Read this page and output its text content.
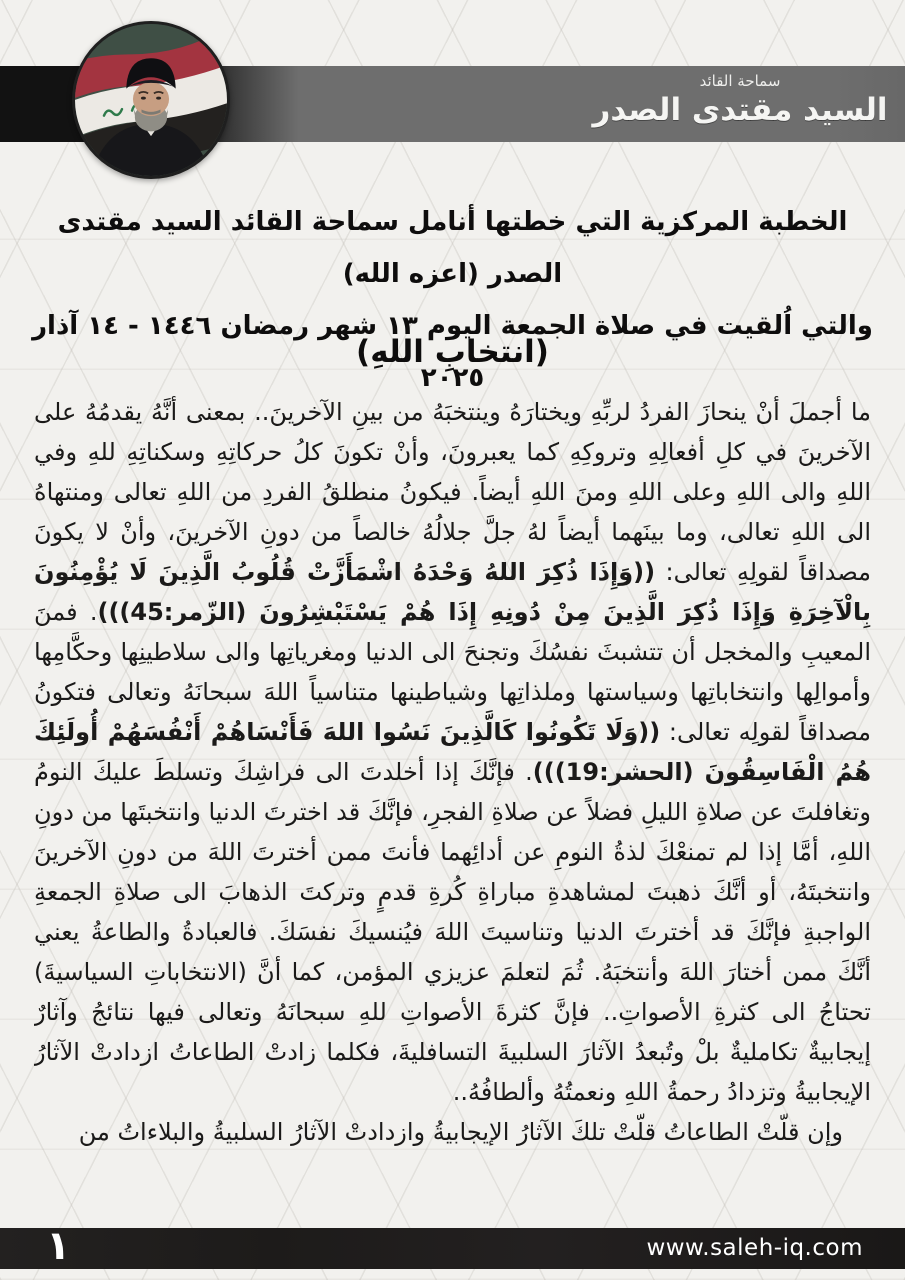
سماحة القائد
السيد مقتدى الصدر
الخطبة المركزية التي خطتها أنامل سماحة القائد السيد مقتدى الصدر (اعزه الله)
والتي اُلقيت في صلاة الجمعة اليوم ١٣ شهر رمضان ١٤٤٦ - ١٤ آذار ٢٠٢٥
(انتخابِ اللهِ)
ما أجملَ أنْ ينحازَ الفردُ لربِّهِ ويختارَهُ وينتخبَهُ من بينِ الآخرينَ.. بمعنى أنَّهُ يقدمُهُ على الآخرينَ في كلِ أفعالِهِ وتروكِهِ كما يعبرونَ، وأنْ تكونَ كلُ حركاتِهِ وسكناتِهِ للهِ وفي اللهِ والى اللهِ وعلى اللهِ ومنَ اللهِ أيضاً. فيكونُ منطلقُ الفردِ من اللهِ تعالى ومنتهاهُ الى اللهِ تعالى، وما بينَهما أيضاً لهُ جلَّ جلالُهُ خالصاً من دونِ الآخرينَ، وأنْ لا يكونَ مصداقاً لقولِهِ تعالى: ((وَإِذَا ذُكِرَ اللهُ وَحْدَهُ اشْمَأَزَّتْ قُلُوبُ الَّذِينَ لَا يُؤْمِنُونَ بِالْآخِرَةِ وَإِذَا ذُكِرَ الَّذِينَ مِنْ دُونِهِ إِذَا هُمْ يَسْتَبْشِرُونَ (الزّمر:45))). فمنَ المعيبِ والمخجل أن تتشبثَ نفسُكَ وتجنحَ الى الدنيا ومغرياتِها والى سلاطينِها وحكَّامِها وأموالِها وانتخاباتِها وسياستها وملذاتِها وشياطينها متناسياً اللهَ سبحانَهُ وتعالى فتكونُ مصداقاً لقولِه تعالى: ((وَلَا تَكُونُوا كَالَّذِينَ نَسُوا اللهَ فَأَنْسَاهُمْ أَنْفُسَهُمْ أُولَئِكَ هُمُ الْفَاسِقُونَ (الحشر:19))). فإنَّكَ إذا أخلدتَ الى فراشِكَ وتسلطَ عليكَ النومُ وتغافلتَ عن صلاةِ الليلِ فضلاً عن صلاةِ الفجرِ، فإنَّكَ قد اخترتَ الدنيا وانتخبتَها من دونِ اللهِ، أمَّا إذا لم تمنعْكَ لذةُ النومِ عن أدائِهما فأنتَ ممن أخترتَ اللهَ من دونِ الآخرينَ وانتخبتَهُ، أو أنَّكَ ذهبتَ لمشاهدةِ مباراةِ كُرةِ قدمٍ وتركتَ الذهابَ الى صلاةِ الجمعةِ الواجبةِ فإنَّكَ قد أخترتَ الدنيا وتناسيتَ اللهَ فيُنسيكَ نفسَكَ. فالعبادةُ والطاعةُ يعني أنَّكَ ممن أختارَ اللهَ وأنتخبَهُ. ثُمَ لتعلمَ عزيزي المؤمن، كما أنَّ (الانتخاباتِ السياسيةَ) تحتاجُ الى كثرةِ الأصواتِ.. فإنَّ كثرةَ الأصواتِ للهِ سبحانَهُ وتعالى فيها نتائجُ وآثارٌ إيجابيةٌ تكامليةٌ بلْ وتُبعدُ الآثارَ السلبيةَ التسافليةَ، فكلما زادتْ الطاعاتُ ازدادتْ الآثارُ الإيجابيةُ وتزدادُ رحمةُ اللهِ ونعمتُهُ وألطافُهُ..
وإن قلّتْ الطاعاتُ قلّتْ تلكَ الآثارُ الإيجابيةُ وازدادتْ الآثارُ السلبيةُ والبلاءاتُ من
١	www.saleh-iq.com
